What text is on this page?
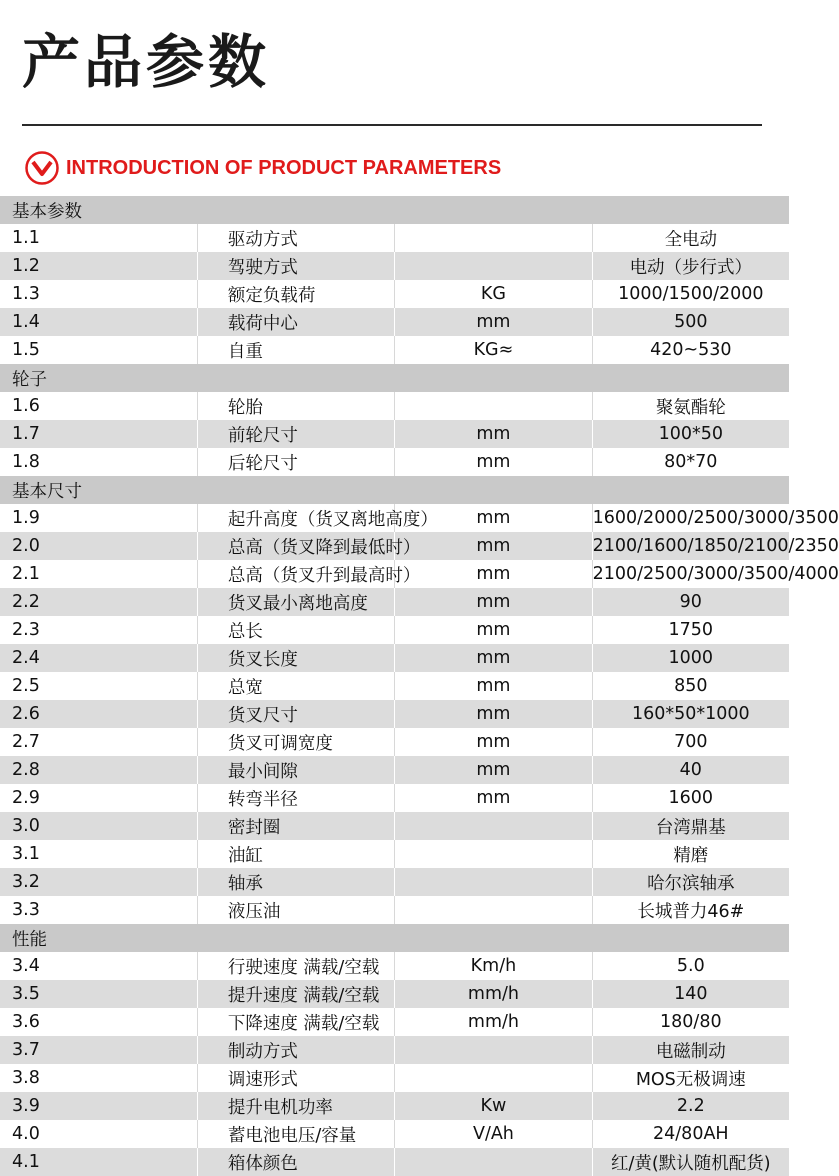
产品参数
INTRODUCTION OF PRODUCT PARAMETERS
基本参数			
1.1	驱动方式		全电动
1.2	驾驶方式		电动（步行式）
1.3	额定负载荷	KG	1000/1500/2000
1.4	载荷中心	mm	500
1.5	自重	KG≈	420~530
轮子			
1.6	轮胎		聚氨酯轮
1.7	前轮尺寸	mm	100*50
1.8	后轮尺寸	mm	80*70
基本尺寸			
1.9	起升高度（货叉离地高度）	mm	1600/2000/2500/3000/3500
2.0	总高（货叉降到最低时）	mm	2100/1600/1850/2100/2350
2.1	总高（货叉升到最高时）	mm	2100/2500/3000/3500/4000
2.2	货叉最小离地高度	mm	90
2.3	总长	mm	1750
2.4	货叉长度	mm	1000
2.5	总宽	mm	850
2.6	货叉尺寸	mm	160*50*1000
2.7	货叉可调宽度	mm	700
2.8	最小间隙	mm	40
2.9	转弯半径	mm	1600
3.0	密封圈		台湾鼎基
3.1	油缸		精磨
3.2	轴承		哈尔滨轴承
3.3	液压油		长城普力46#
性能			
3.4	行驶速度 满载/空载	Km/h	5.0
3.5	提升速度 满载/空载	mm/h	140
3.6	下降速度 满载/空载	mm/h	180/80
3.7	制动方式		电磁制动
3.8	调速形式		MOS无极调速
3.9	提升电机功率	Kw	2.2
4.0	蓄电池电压/容量	V/Ah	24/80AH
4.1	箱体颜色		红/黄(默认随机配货)
